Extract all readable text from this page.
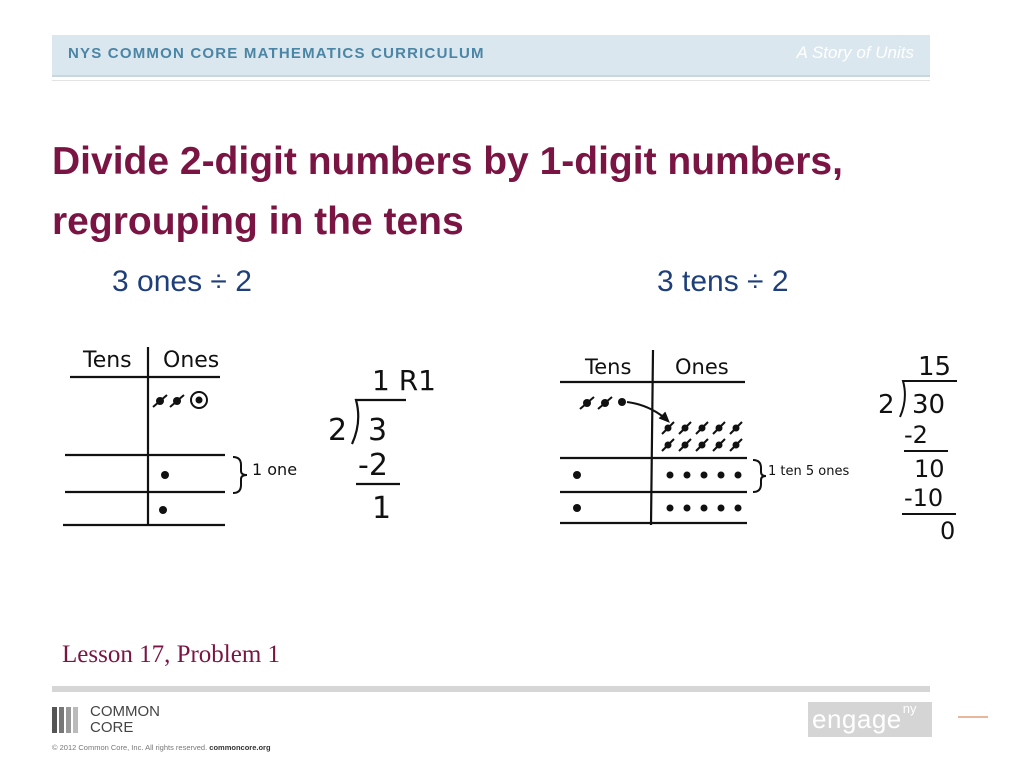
NYS COMMON CORE MATHEMATICS CURRICULUM	A Story of Units
Divide 2-digit numbers by 1-digit numbers,
regrouping in the tens
3 ones ÷ 2	3 tens ÷ 2
Tens Ones
1 one
1 R1
2 3
-2
1
Tens Ones
1 ten 5 ones
15
2 30
-2
10
-10
0
Lesson 17, Problem 1
COMMON
CORE
© 2012 Common Core, Inc. All rights reserved. commoncore.org
engage ny
